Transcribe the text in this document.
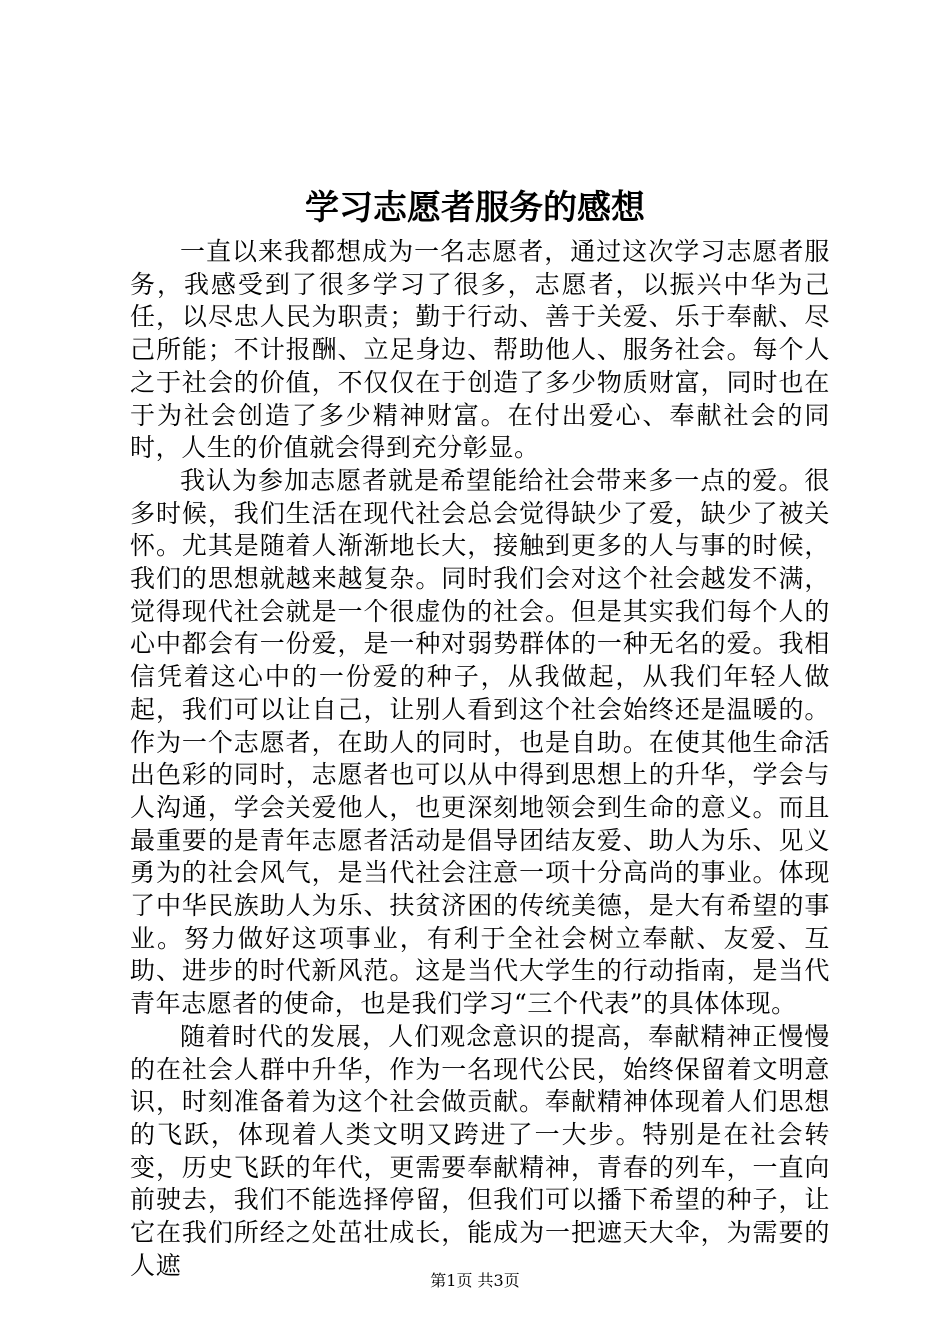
学习志愿者服务的感想

一直以来我都想成为一名志愿者，通过这次学习志愿者服务，我感受到了很多学习了很多，志愿者，以振兴中华为己任，以尽忠人民为职责；勤于行动、善于关爱、乐于奉献、尽己所能；不计报酬、立足身边、帮助他人、服务社会。每个人之于社会的价值，不仅仅在于创造了多少物质财富，同时也在于为社会创造了多少精神财富。在付出爱心、奉献社会的同时，人生的价值就会得到充分彰显。

我认为参加志愿者就是希望能给社会带来多一点的爱。很多时候，我们生活在现代社会总会觉得缺少了爱，缺少了被关怀。尤其是随着人渐渐地长大，接触到更多的人与事的时候，我们的思想就越来越复杂。同时我们会对这个社会越发不满，觉得现代社会就是一个很虚伪的社会。但是其实我们每个人的心中都会有一份爱，是一种对弱势群体的一种无名的爱。我相信凭着这心中的一份爱的种子，从我做起，从我们年轻人做起，我们可以让自己，让别人看到这个社会始终还是温暖的。作为一个志愿者，在助人的同时，也是自助。在使其他生命活出色彩的同时，志愿者也可以从中得到思想上的升华，学会与人沟通，学会关爱他人，也更深刻地领会到生命的意义。而且最重要的是青年志愿者活动是倡导团结友爱、助人为乐、见义勇为的社会风气，是当代社会注意一项十分高尚的事业。体现了中华民族助人为乐、扶贫济困的传统美德，是大有希望的事业。努力做好这项事业，有利于全社会树立奉献、友爱、互助、进步的时代新风范。这是当代大学生的行动指南，是当代青年志愿者的使命，也是我们学习“三个代表”的具体体现。

随着时代的发展，人们观念意识的提高，奉献精神正慢慢的在社会人群中升华，作为一名现代公民，始终保留着文明意识，时刻准备着为这个社会做贡献。奉献精神体现着人们思想的飞跃，体现着人类文明又跨进了一大步。特别是在社会转变，历史飞跃的年代，更需要奉献精神，青春的列车，一直向前驶去，我们不能选择停留，但我们可以播下希望的种子，让它在我们所经之处茁壮成长，能成为一把遮天大伞，为需要的人遮

第1页 共3页
